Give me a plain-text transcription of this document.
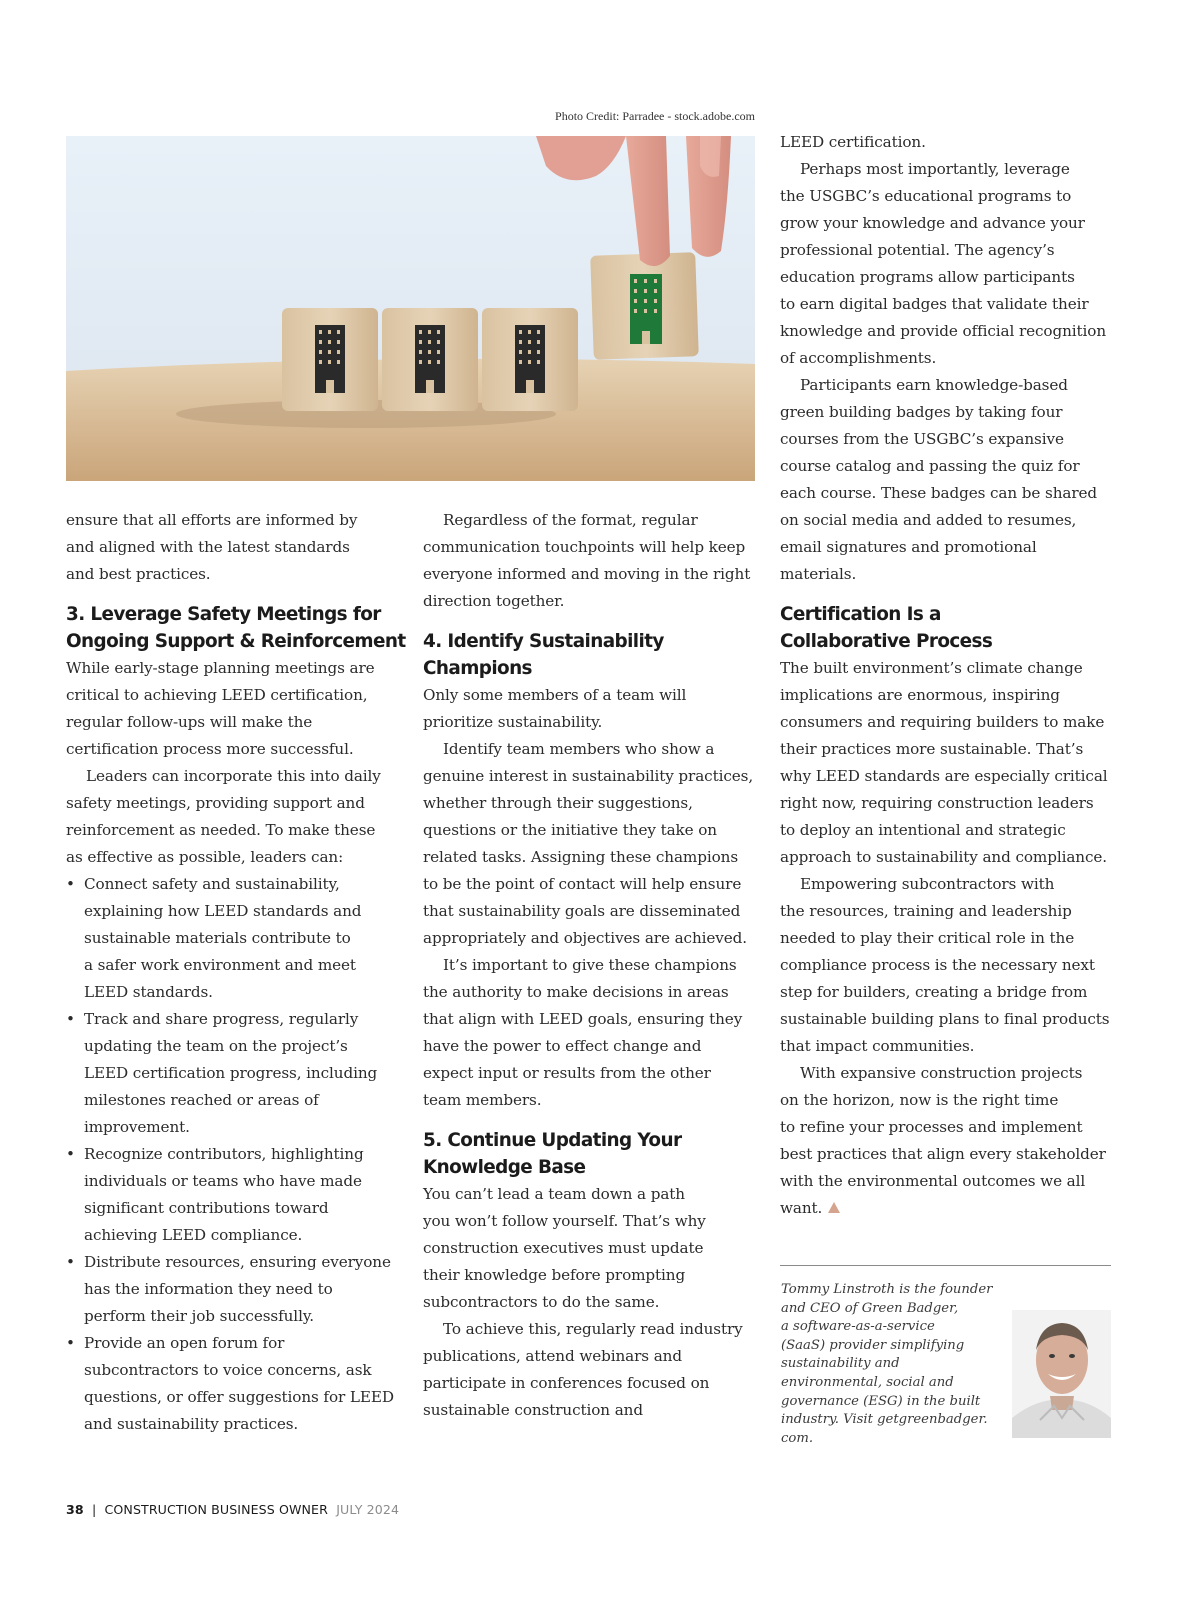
Photo Credit: Parradee - stock.adobe.com

ensure that all efforts are informed by
and aligned with the latest standards
and best practices.

3. Leverage Safety Meetings for
Ongoing Support & Reinforcement

While early-stage planning meetings are
critical to achieving LEED certification,
regular follow-ups will make the
certification process more successful.

Leaders can incorporate this into daily
safety meetings, providing support and
reinforcement as needed. To make these
as effective as possible, leaders can:

• Connect safety and sustainability,
explaining how LEED standards and
sustainable materials contribute to
a safer work environment and meet
LEED standards.
• Track and share progress, regularly
updating the team on the project’s
LEED certification progress, including
milestones reached or areas of
improvement.
• Recognize contributors, highlighting
individuals or teams who have made
significant contributions toward
achieving LEED compliance.
• Distribute resources, ensuring everyone
has the information they need to
perform their job successfully.
• Provide an open forum for
subcontractors to voice concerns, ask
questions, or offer suggestions for LEED
and sustainability practices.

Regardless of the format, regular
communication touchpoints will help keep
everyone informed and moving in the right
direction together.

4. Identify Sustainability
Champions

Only some members of a team will
prioritize sustainability.

Identify team members who show a
genuine interest in sustainability practices,
whether through their suggestions,
questions or the initiative they take on
related tasks. Assigning these champions
to be the point of contact will help ensure
that sustainability goals are disseminated
appropriately and objectives are achieved.

It’s important to give these champions
the authority to make decisions in areas
that align with LEED goals, ensuring they
have the power to effect change and
expect input or results from the other
team members.

5. Continue Updating Your
Knowledge Base

You can’t lead a team down a path
you won’t follow yourself. That’s why
construction executives must update
their knowledge before prompting
subcontractors to do the same.

To achieve this, regularly read industry
publications, attend webinars and
participate in conferences focused on
sustainable construction and

LEED certification.

Perhaps most importantly, leverage
the USGBC’s educational programs to
grow your knowledge and advance your
professional potential. The agency’s
education programs allow participants
to earn digital badges that validate their
knowledge and provide official recognition
of accomplishments.

Participants earn knowledge-based
green building badges by taking four
courses from the USGBC’s expansive
course catalog and passing the quiz for
each course. These badges can be shared
on social media and added to resumes,
email signatures and promotional
materials.

Certification Is a
Collaborative Process

The built environment’s climate change
implications are enormous, inspiring
consumers and requiring builders to make
their practices more sustainable. That’s
why LEED standards are especially critical
right now, requiring construction leaders
to deploy an intentional and strategic
approach to sustainability and compliance.

Empowering subcontractors with
the resources, training and leadership
needed to play their critical role in the
compliance process is the necessary next
step for builders, creating a bridge from
sustainable building plans to final products
that impact communities.

With expansive construction projects
on the horizon, now is the right time
to refine your processes and implement
best practices that align every stakeholder
with the environmental outcomes we all
want.

Tommy Linstroth is the founder
and CEO of Green Badger,
a software-as-a-service
(SaaS) provider simplifying
sustainability and
environmental, social and
governance (ESG) in the built
industry. Visit getgreenbadger.
com.
38 | CONSTRUCTION BUSINESS OWNER JULY 2024
